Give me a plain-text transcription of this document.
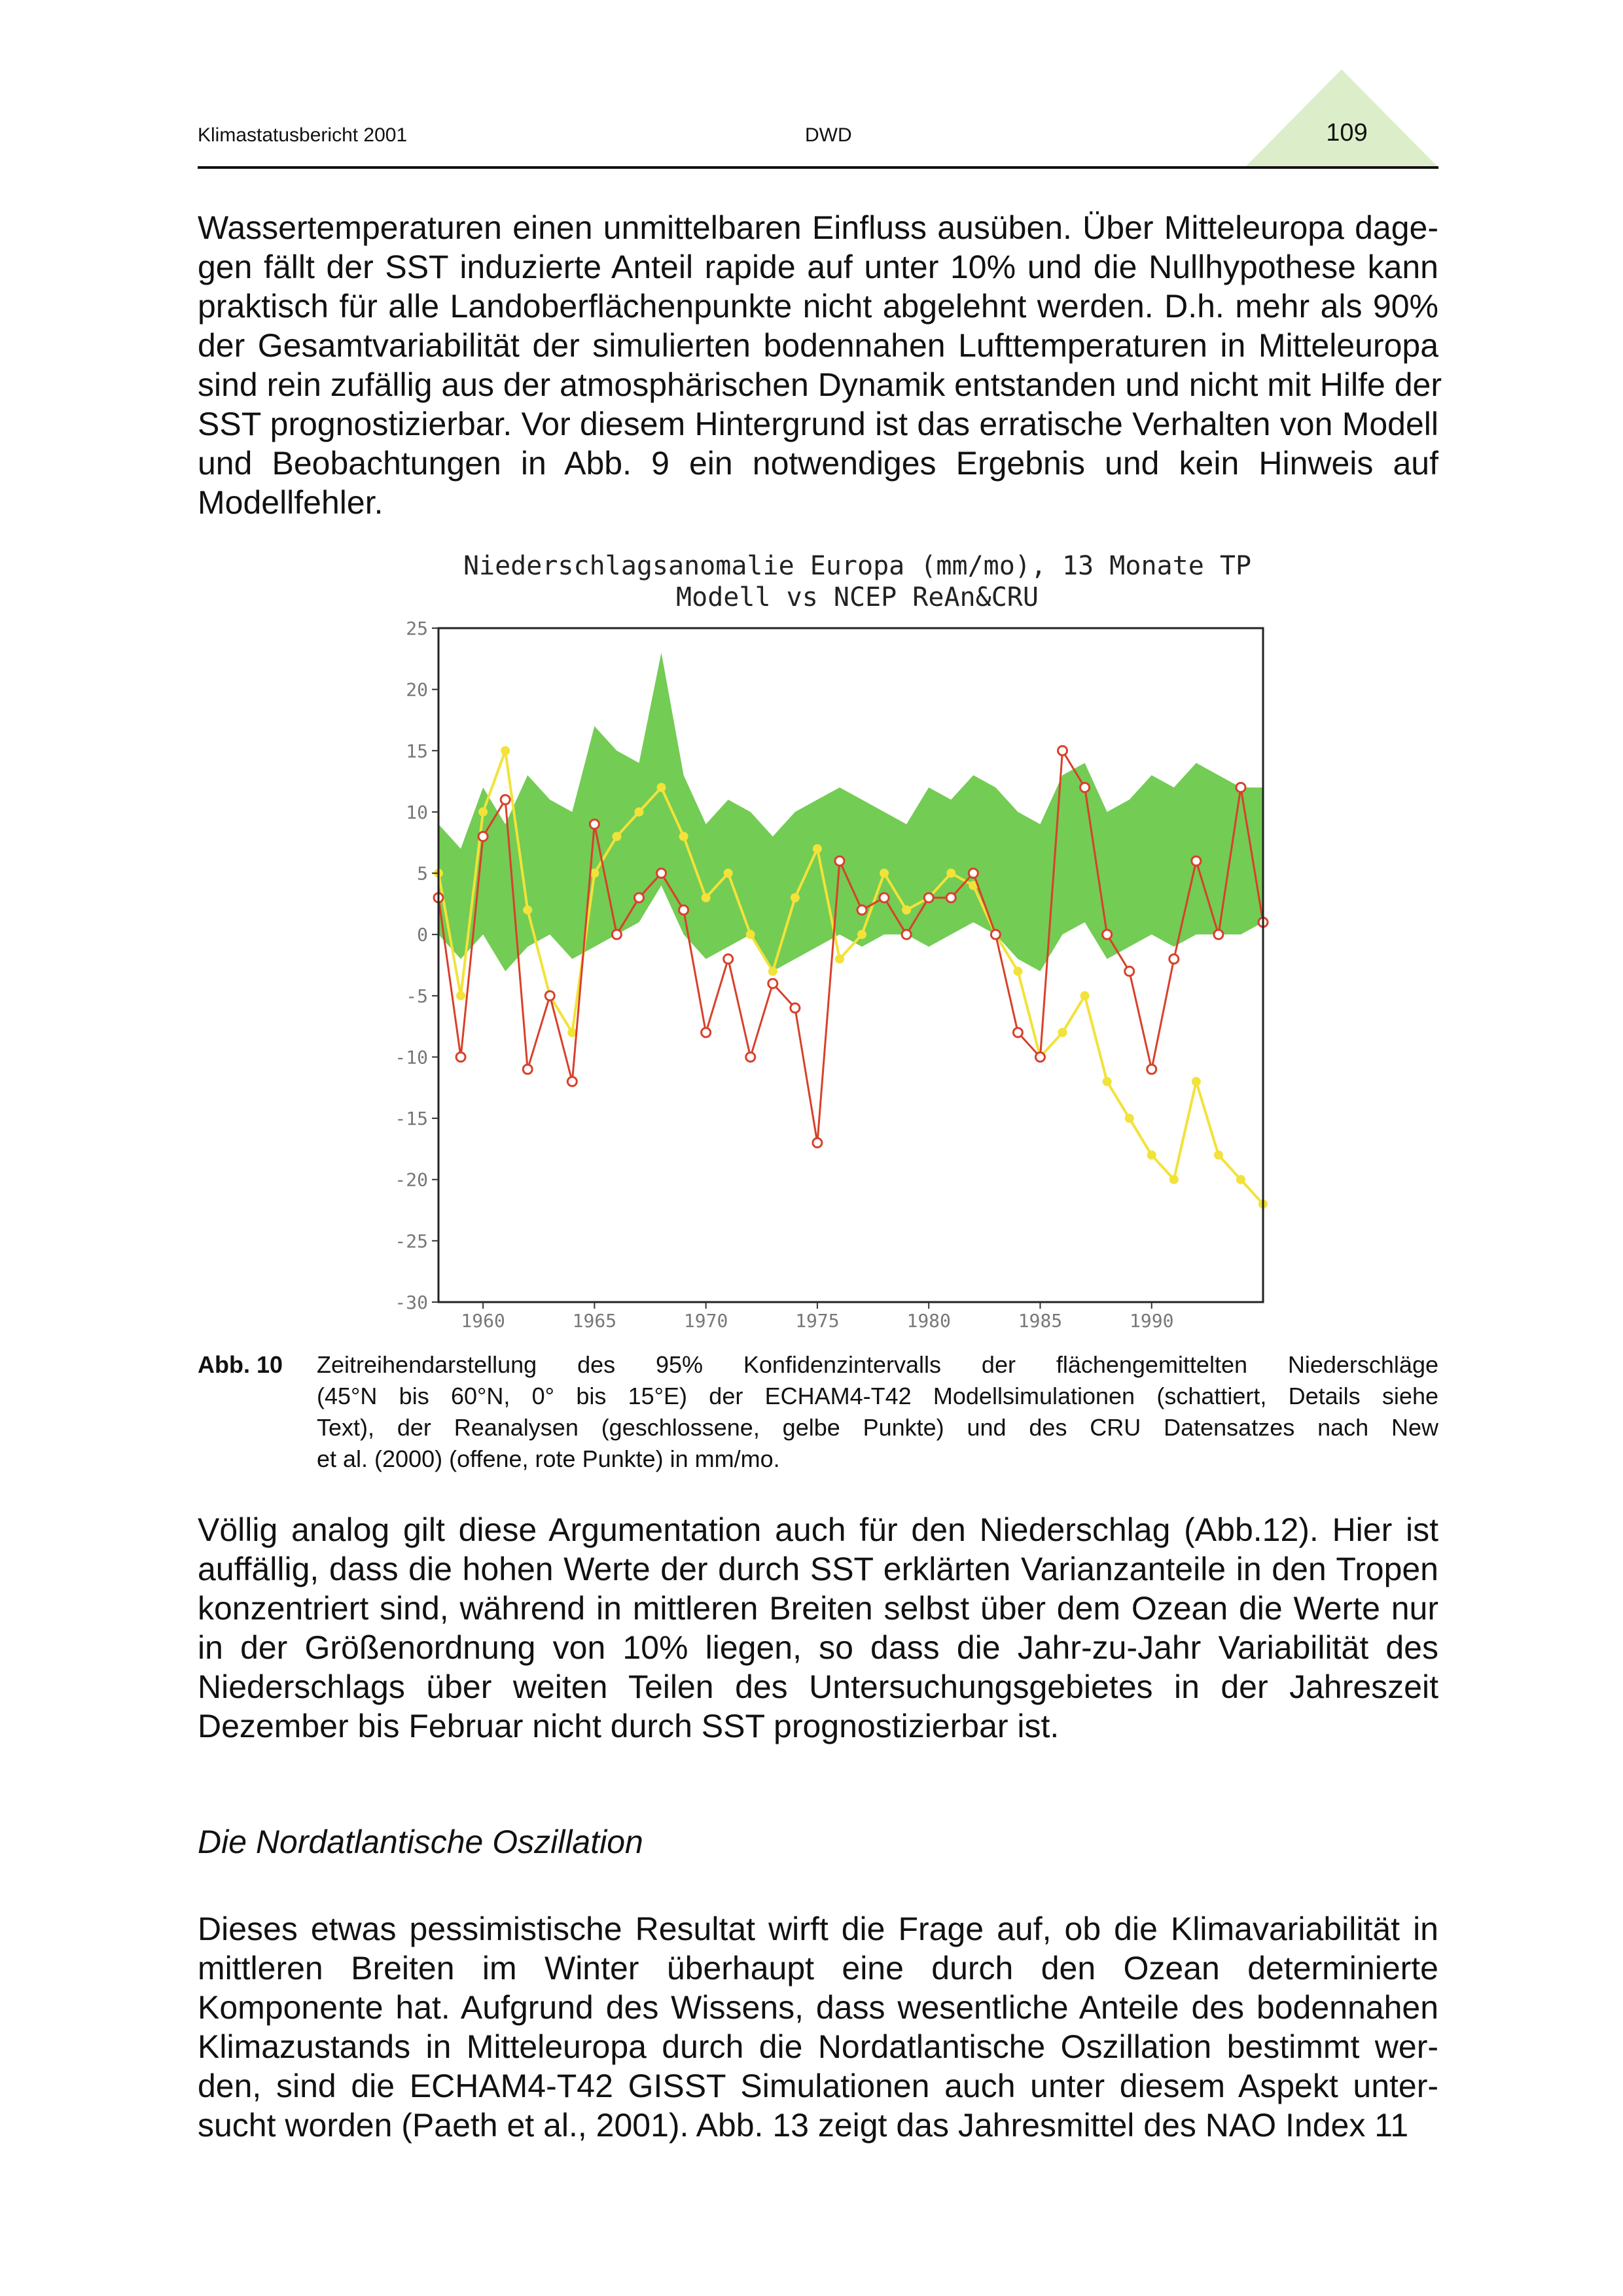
Klimastatusbericht 2001	DWD	109
Wassertemperaturen einen unmittelbaren Einfluss ausüben. Über Mitteleuropa dage-
gen fällt der SST induzierte Anteil rapide auf unter 10% und die Nullhypothese kann
praktisch für alle Landoberflächenpunkte nicht abgelehnt werden. D.h. mehr als 90%
der Gesamtvariabilität der simulierten bodennahen Lufttemperaturen in Mitteleuropa
sind rein zufällig aus der atmosphärischen Dynamik entstanden und nicht mit Hilfe der
SST prognostizierbar. Vor diesem Hintergrund ist das erratische Verhalten von Modell
und Beobachtungen in Abb. 9 ein notwendiges Ergebnis und kein Hinweis auf
Modellfehler.
Niederschlagsanomalie Europa (mm/mo), 13 Monate TP
Modell vs NCEP ReAn&CRU
25
20
15
10
5
0
-5
-10
-15
-20
-25
-30
1960	1965	1970	1975	1980	1985	1990
Abb. 10 Zeitreihendarstellung des 95% Konfidenzintervalls der flächengemittelten Niederschläge
(45°N bis 60°N, 0° bis 15°E) der ECHAM4-T42 Modellsimulationen (schattiert, Details siehe
Text), der Reanalysen (geschlossene, gelbe Punkte) und des CRU Datensatzes nach New
et al. (2000) (offene, rote Punkte) in mm/mo.
Völlig analog gilt diese Argumentation auch für den Niederschlag (Abb.12). Hier ist
auffällig, dass die hohen Werte der durch SST erklärten Varianzanteile in den Tropen
konzentriert sind, während in mittleren Breiten selbst über dem Ozean die Werte nur
in der Größenordnung von 10% liegen, so dass die Jahr-zu-Jahr Variabilität des
Niederschlags über weiten Teilen des Untersuchungsgebietes in der Jahreszeit
Dezember bis Februar nicht durch SST prognostizierbar ist.
Die Nordatlantische Oszillation
Dieses etwas pessimistische Resultat wirft die Frage auf, ob die Klimavariabilität in
mittleren Breiten im Winter überhaupt eine durch den Ozean determinierte
Komponente hat. Aufgrund des Wissens, dass wesentliche Anteile des bodennahen
Klimazustands in Mitteleuropa durch die Nordatlantische Oszillation bestimmt wer-
den, sind die ECHAM4-T42 GISST Simulationen auch unter diesem Aspekt unter-
sucht worden (Paeth et al., 2001). Abb. 13 zeigt das Jahresmittel des NAO Index 11
